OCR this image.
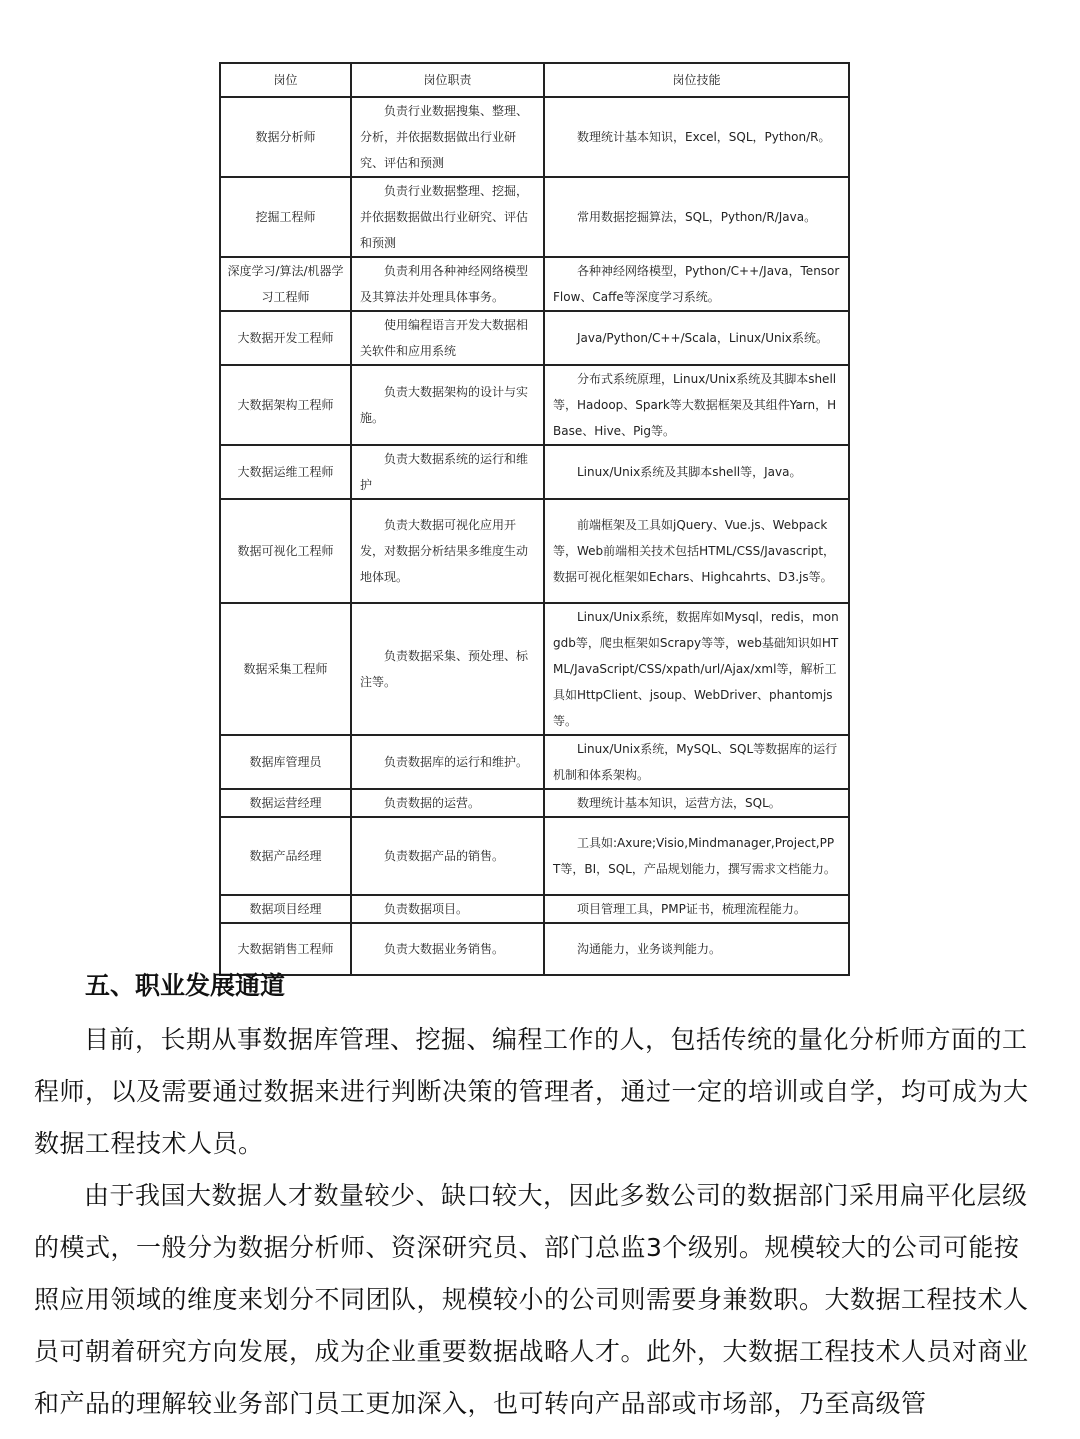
岗位	岗位职责	岗位技能

数据分析师	负责行业数据搜集、整理、分析，并依据数据做出行业研究、评估和预测	数理统计基本知识，Excel，SQL，Python/R。

挖掘工程师	负责行业数据整理、挖掘，并依据数据做出行业研究、评估和预测	常用数据挖掘算法，SQL，Python/R/Java。

深度学习/算法/机器学习工程师	负责利用各种神经网络模型及其算法并处理具体事务。	各种神经网络模型，Python/C++/Java，TensorFlow、Caffe等深度学习系统。

大数据开发工程师	使用编程语言开发大数据相关软件和应用系统	Java/Python/C++/Scala，Linux/Unix系统。

大数据架构工程师	负责大数据架构的设计与实施。	分布式系统原理，Linux/Unix系统及其脚本shell等，Hadoop、Spark等大数据框架及其组件Yarn，HBase、Hive、Pig等。

大数据运维工程师	负责大数据系统的运行和维护	Linux/Unix系统及其脚本shell等，Java。

数据可视化工程师	负责大数据可视化应用开发，对数据分析结果多维度生动地体现。	前端框架及工具如jQuery、Vue.js、Webpack等，Web前端相关技术包括HTML/CSS/Javascript，数据可视化框架如Echars、Highcahrts、D3.js等。

数据采集工程师	负责数据采集、预处理、标注等。	Linux/Unix系统，数据库如Mysql，redis，mongdb等，爬虫框架如Scrapy等等，web基础知识如HTML/JavaScript/CSS/xpath/url/Ajax/xml等，解析工具如HttpClient、jsoup、WebDriver、phantomjs等。

数据库管理员	负责数据库的运行和维护。	Linux/Unix系统，MySQL、SQL等数据库的运行机制和体系架构。

数据运营经理	负责数据的运营。	数理统计基本知识，运营方法，SQL。

数据产品经理	负责数据产品的销售。	工具如:Axure;Visio,Mindmanager,Project,PPT等，BI，SQL，产品规划能力，撰写需求文档能力。

数据项目经理	负责数据项目。	项目管理工具，PMP证书，梳理流程能力。

大数据销售工程师	负责大数据业务销售。	沟通能力，业务谈判能力。
五、职业发展通道

目前，长期从事数据库管理、挖掘、编程工作的人，包括传统的量化分析师方面的工程师，以及需要通过数据来进行判断决策的管理者，通过一定的培训或自学，均可成为大数据工程技术人员。

由于我国大数据人才数量较少、缺口较大，因此多数公司的数据部门采用扁平化层级的模式，一般分为数据分析师、资深研究员、部门总监3个级别。规模较大的公司可能按照应用领域的维度来划分不同团队，规模较小的公司则需要身兼数职。大数据工程技术人员可朝着研究方向发展，成为企业重要数据战略人才。此外，大数据工程技术人员对商业和产品的理解较业务部门员工更加深入，也可转向产品部或市场部，乃至高级管
